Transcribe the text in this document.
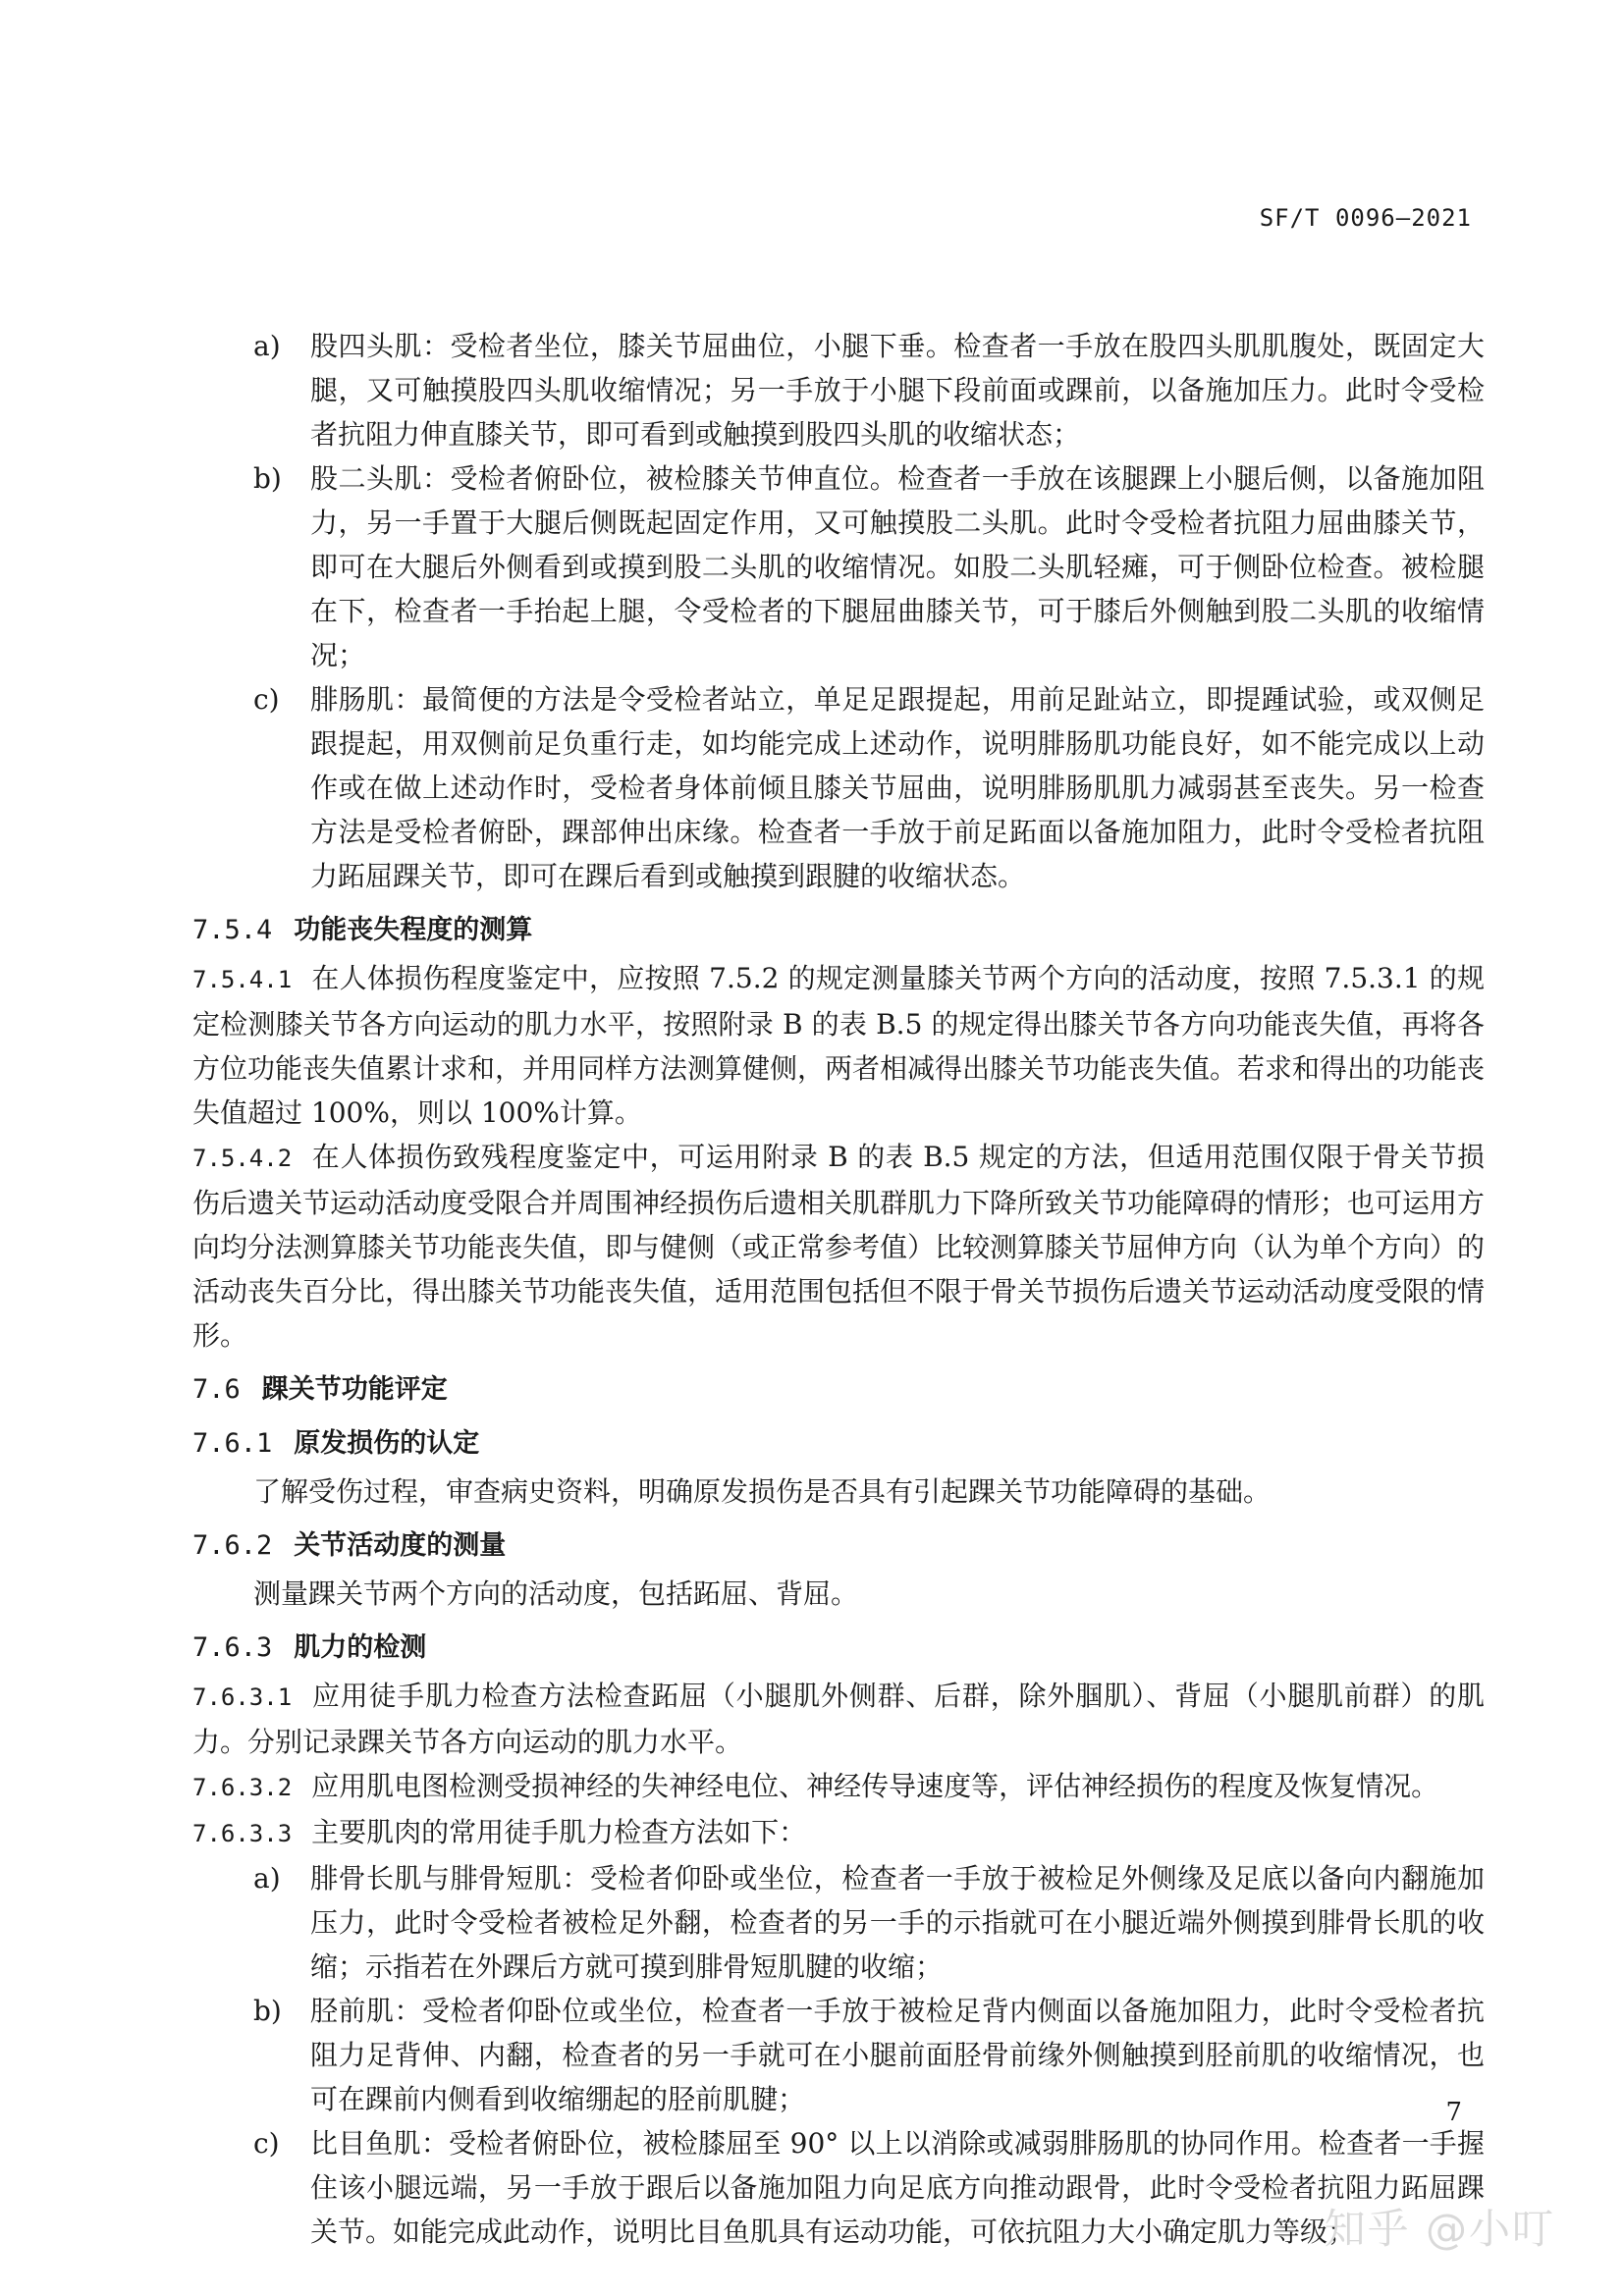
SF/T 0096—2021
a)	股四头肌：受检者坐位，膝关节屈曲位，小腿下垂。检查者一手放在股四头肌肌腹处，既固定大腿，又可触摸股四头肌收缩情况；另一手放于小腿下段前面或踝前，以备施加压力。此时令受检者抗阻力伸直膝关节，即可看到或触摸到股四头肌的收缩状态；
b)	股二头肌：受检者俯卧位，被检膝关节伸直位。检查者一手放在该腿踝上小腿后侧，以备施加阻力，另一手置于大腿后侧既起固定作用，又可触摸股二头肌。此时令受检者抗阻力屈曲膝关节，即可在大腿后外侧看到或摸到股二头肌的收缩情况。如股二头肌轻瘫，可于侧卧位检查。被检腿在下，检查者一手抬起上腿，令受检者的下腿屈曲膝关节，可于膝后外侧触到股二头肌的收缩情况；
c)	腓肠肌：最简便的方法是令受检者站立，单足足跟提起，用前足趾站立，即提踵试验，或双侧足跟提起，用双侧前足负重行走，如均能完成上述动作，说明腓肠肌功能良好，如不能完成以上动作或在做上述动作时，受检者身体前倾且膝关节屈曲，说明腓肠肌肌力减弱甚至丧失。另一检查方法是受检者俯卧，踝部伸出床缘。检查者一手放于前足跖面以备施加阻力，此时令受检者抗阻力跖屈踝关节，即可在踝后看到或触摸到跟腱的收缩状态。
7.5.4 功能丧失程度的测算
7.5.4.1 在人体损伤程度鉴定中，应按照 7.5.2 的规定测量膝关节两个方向的活动度，按照 7.5.3.1 的规定检测膝关节各方向运动的肌力水平，按照附录 B 的表 B.5 的规定得出膝关节各方向功能丧失值，再将各方位功能丧失值累计求和，并用同样方法测算健侧，两者相减得出膝关节功能丧失值。若求和得出的功能丧失值超过 100%，则以 100%计算。
7.5.4.2 在人体损伤致残程度鉴定中，可运用附录 B 的表 B.5 规定的方法，但适用范围仅限于骨关节损伤后遗关节运动活动度受限合并周围神经损伤后遗相关肌群肌力下降所致关节功能障碍的情形；也可运用方向均分法测算膝关节功能丧失值，即与健侧（或正常参考值）比较测算膝关节屈伸方向（认为单个方向）的活动丧失百分比，得出膝关节功能丧失值，适用范围包括但不限于骨关节损伤后遗关节运动活动度受限的情形。
7.6 踝关节功能评定
7.6.1 原发损伤的认定
了解受伤过程，审查病史资料，明确原发损伤是否具有引起踝关节功能障碍的基础。
7.6.2 关节活动度的测量
测量踝关节两个方向的活动度，包括跖屈、背屈。
7.6.3 肌力的检测
7.6.3.1 应用徒手肌力检查方法检查跖屈（小腿肌外侧群、后群，除外腘肌）、背屈（小腿肌前群）的肌力。分别记录踝关节各方向运动的肌力水平。
7.6.3.2 应用肌电图检测受损神经的失神经电位、神经传导速度等，评估神经损伤的程度及恢复情况。
7.6.3.3 主要肌肉的常用徒手肌力检查方法如下：
a)	腓骨长肌与腓骨短肌：受检者仰卧或坐位，检查者一手放于被检足外侧缘及足底以备向内翻施加压力，此时令受检者被检足外翻，检查者的另一手的示指就可在小腿近端外侧摸到腓骨长肌的收缩；示指若在外踝后方就可摸到腓骨短肌腱的收缩；
b)	胫前肌：受检者仰卧位或坐位，检查者一手放于被检足背内侧面以备施加阻力，此时令受检者抗阻力足背伸、内翻，检查者的另一手就可在小腿前面胫骨前缘外侧触摸到胫前肌的收缩情况，也可在踝前内侧看到收缩绷起的胫前肌腱；
c)	比目鱼肌：受检者俯卧位，被检膝屈至 90° 以上以消除或减弱腓肠肌的协同作用。检查者一手握住该小腿远端，另一手放于跟后以备施加阻力向足底方向推动跟骨，此时令受检者抗阻力跖屈踝关节。如能完成此动作，说明比目鱼肌具有运动功能，可依抗阻力大小确定肌力等级；
7
知乎 @小叮
